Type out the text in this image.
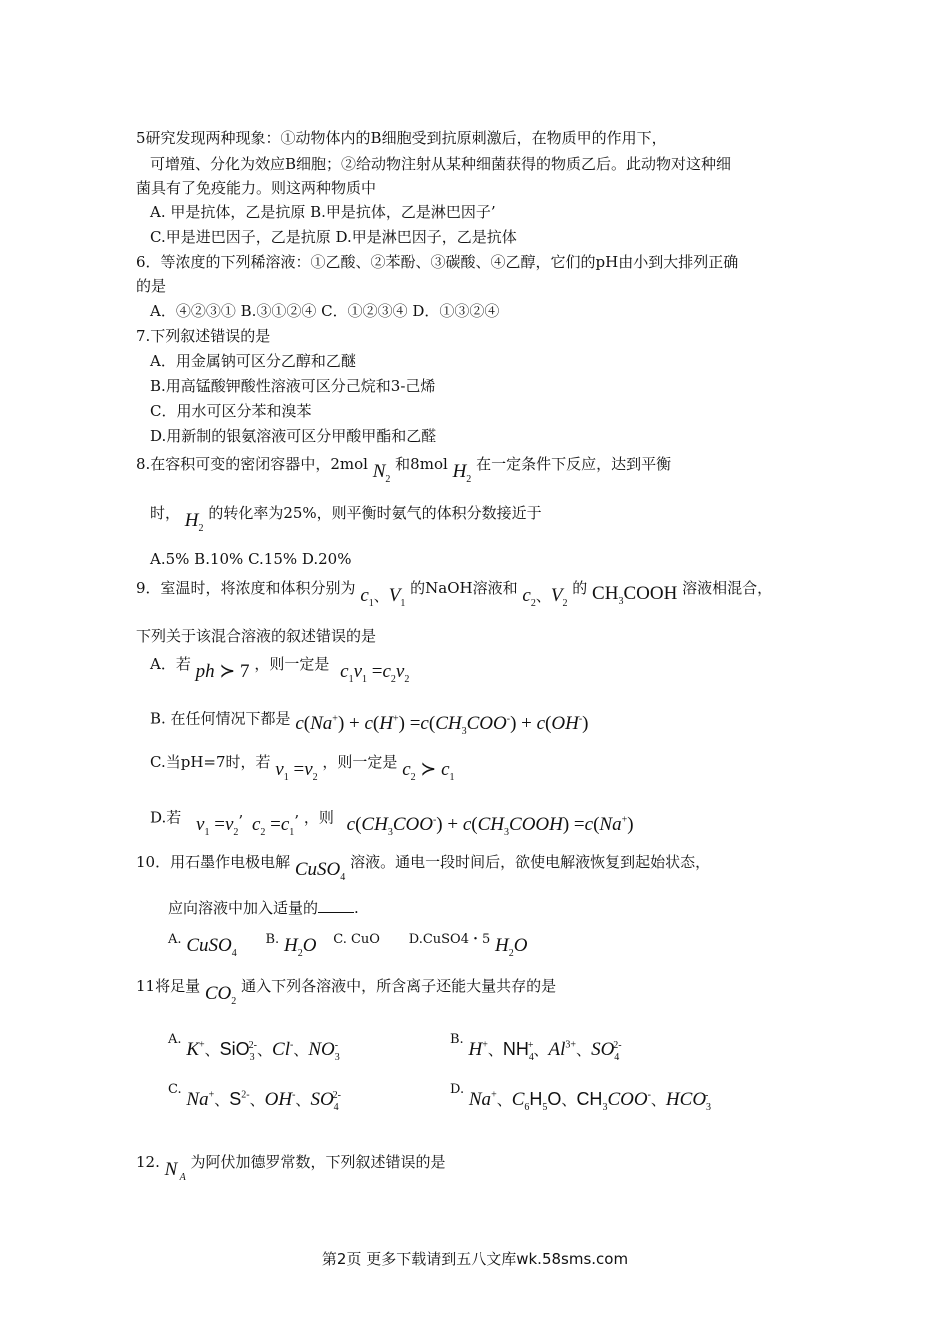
5研究发现两种现象：①动物体内的B细胞受到抗原刺激后，在物质甲的作用下，
可增殖、分化为效应B细胞；②给动物注射从某种细菌获得的物质乙后。此动物对这种细
菌具有了免疫能力。则这两种物质中
A. 甲是抗体，乙是抗原 B.甲是抗体，乙是淋巴因子’
C.甲是进巴因子，乙是抗原 D.甲是淋巴因子，乙是抗体
6．等浓度的下列稀溶液：①乙酸、②苯酚、③碳酸、④乙醇，它们的pH由小到大排列正确
的是
A．④②③① B.③①②④ C．①②③④ D．①③②④
7.下列叙述错误的是
A．用金属钠可区分乙醇和乙醚
B.用高锰酸钾酸性溶液可区分己烷和3-己烯
C．用水可区分苯和溴苯
D.用新制的银氨溶液可区分甲酸甲酯和乙醛
8.在容积可变的密闭容器中，2mol $N_2$ 和8mol $H_2$ 在一定条件下反应，达到平衡
时， $H_2$ 的转化率为25%，则平衡时氨气的体积分数接近于
A.5% B.10% C.15% D.20%
9．室温时，将浓度和体积分别为 $c_1$、$V_1$ 的NaOH溶液和 $c_2$、$V_2$ 的 $CH_3COOH$ 溶液相混合，
下列关于该混合溶液的叙述错误的是
A．若 ph ≻ 7 ，则一定是 $c_1v_1 =c_2v_2$
B. 在任何情况下都是 $c(Na^+) + c(H^+) =c(CH_3COO^-) + c(OH^-)$
C.当pH=7时，若 $v_1 =v_2$ ，则一定是 $c_2$ ≻ $c_1$
D.若 $v_1 =v_2$’ $c_2 =c_1$’ ，则 $c(CH_3COO^-)$ + $c(CH_3COOH) =c(Na^+)$
10．用石墨作电极电解 CuSO$_4$ 溶液。通电一段时间后，欲使电解液恢复到起始状态，
应向溶液中加入适量的 .
A. CuSO$_4$ B. $H_2O$ C. CuO D.CuSO4・5 $H_2O$
11将足量 $CO_2$ 通入下列各溶液中，所含离子还能大量共存的是
A. K+、SiO$_3^{2-}$、Cl-、$NO_3^-$	B. H+、$NH_4^+$、$Al^{3+}$、$SO_4^{2-}$
C. Na+、$S^{2-}$、OH-、$SO_4^{2-}$	D. Na+、$C_6H_5O$、$CH_3COO^-$、$HCO_3^-$
12. N $_A$ 为阿伏加德罗常数，下列叙述错误的是
第2页 更多下载请到五八文库wk.58sms.com
